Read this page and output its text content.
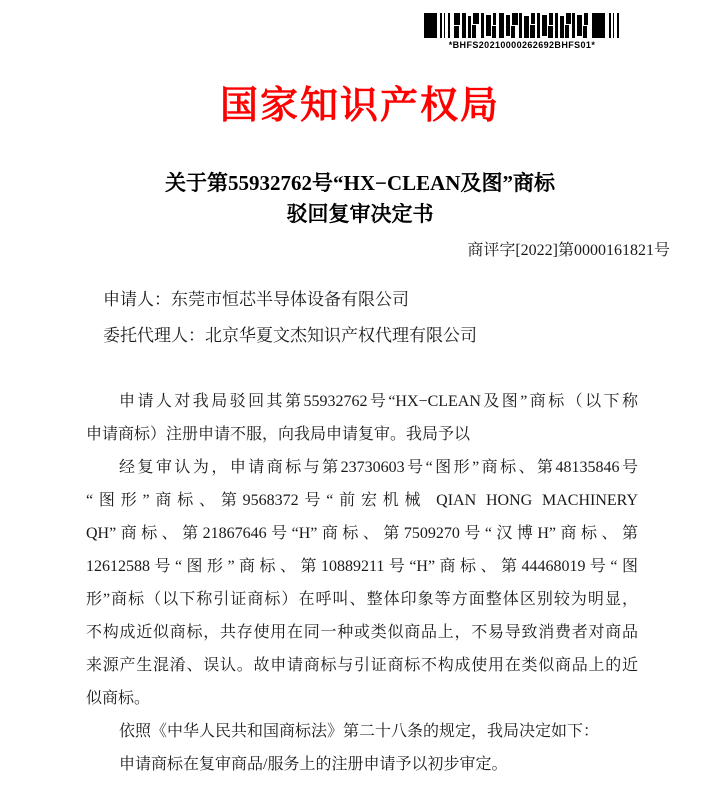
*BHFS20210000262692BHFS01*
国家知识产权局
关于第55932762号“HX−CLEAN及图”商标
驳回复审决定书
商评字[2022]第0000161821号
申请人：东莞市恒芯半导体设备有限公司
委托代理人：北京华夏文杰知识产权代理有限公司
申请人对我局驳回其第55932762号“HX−CLEAN及图”商标（以下称
申请商标）注册申请不服，向我局申请复审。我局予以
经复审认为，申请商标与第23730603号“图形”商标、第48135846号
“图形”商标、第9568372号“前宏机械 QIAN HONG MACHINERY
QH”商标、第21867646号“H”商标、第7509270号“汉博H”商标、第
12612588号“图形”商标、第10889211号“H”商标、第44468019号“图
形”商标（以下称引证商标）在呼叫、整体印象等方面整体区别较为明显，
不构成近似商标，共存使用在同一种或类似商品上，不易导致消费者对商品
来源产生混淆、误认。故申请商标与引证商标不构成使用在类似商品上的近
似商标。
依照《中华人民共和国商标法》第二十八条的规定，我局决定如下：
申请商标在复审商品/服务上的注册申请予以初步审定。
